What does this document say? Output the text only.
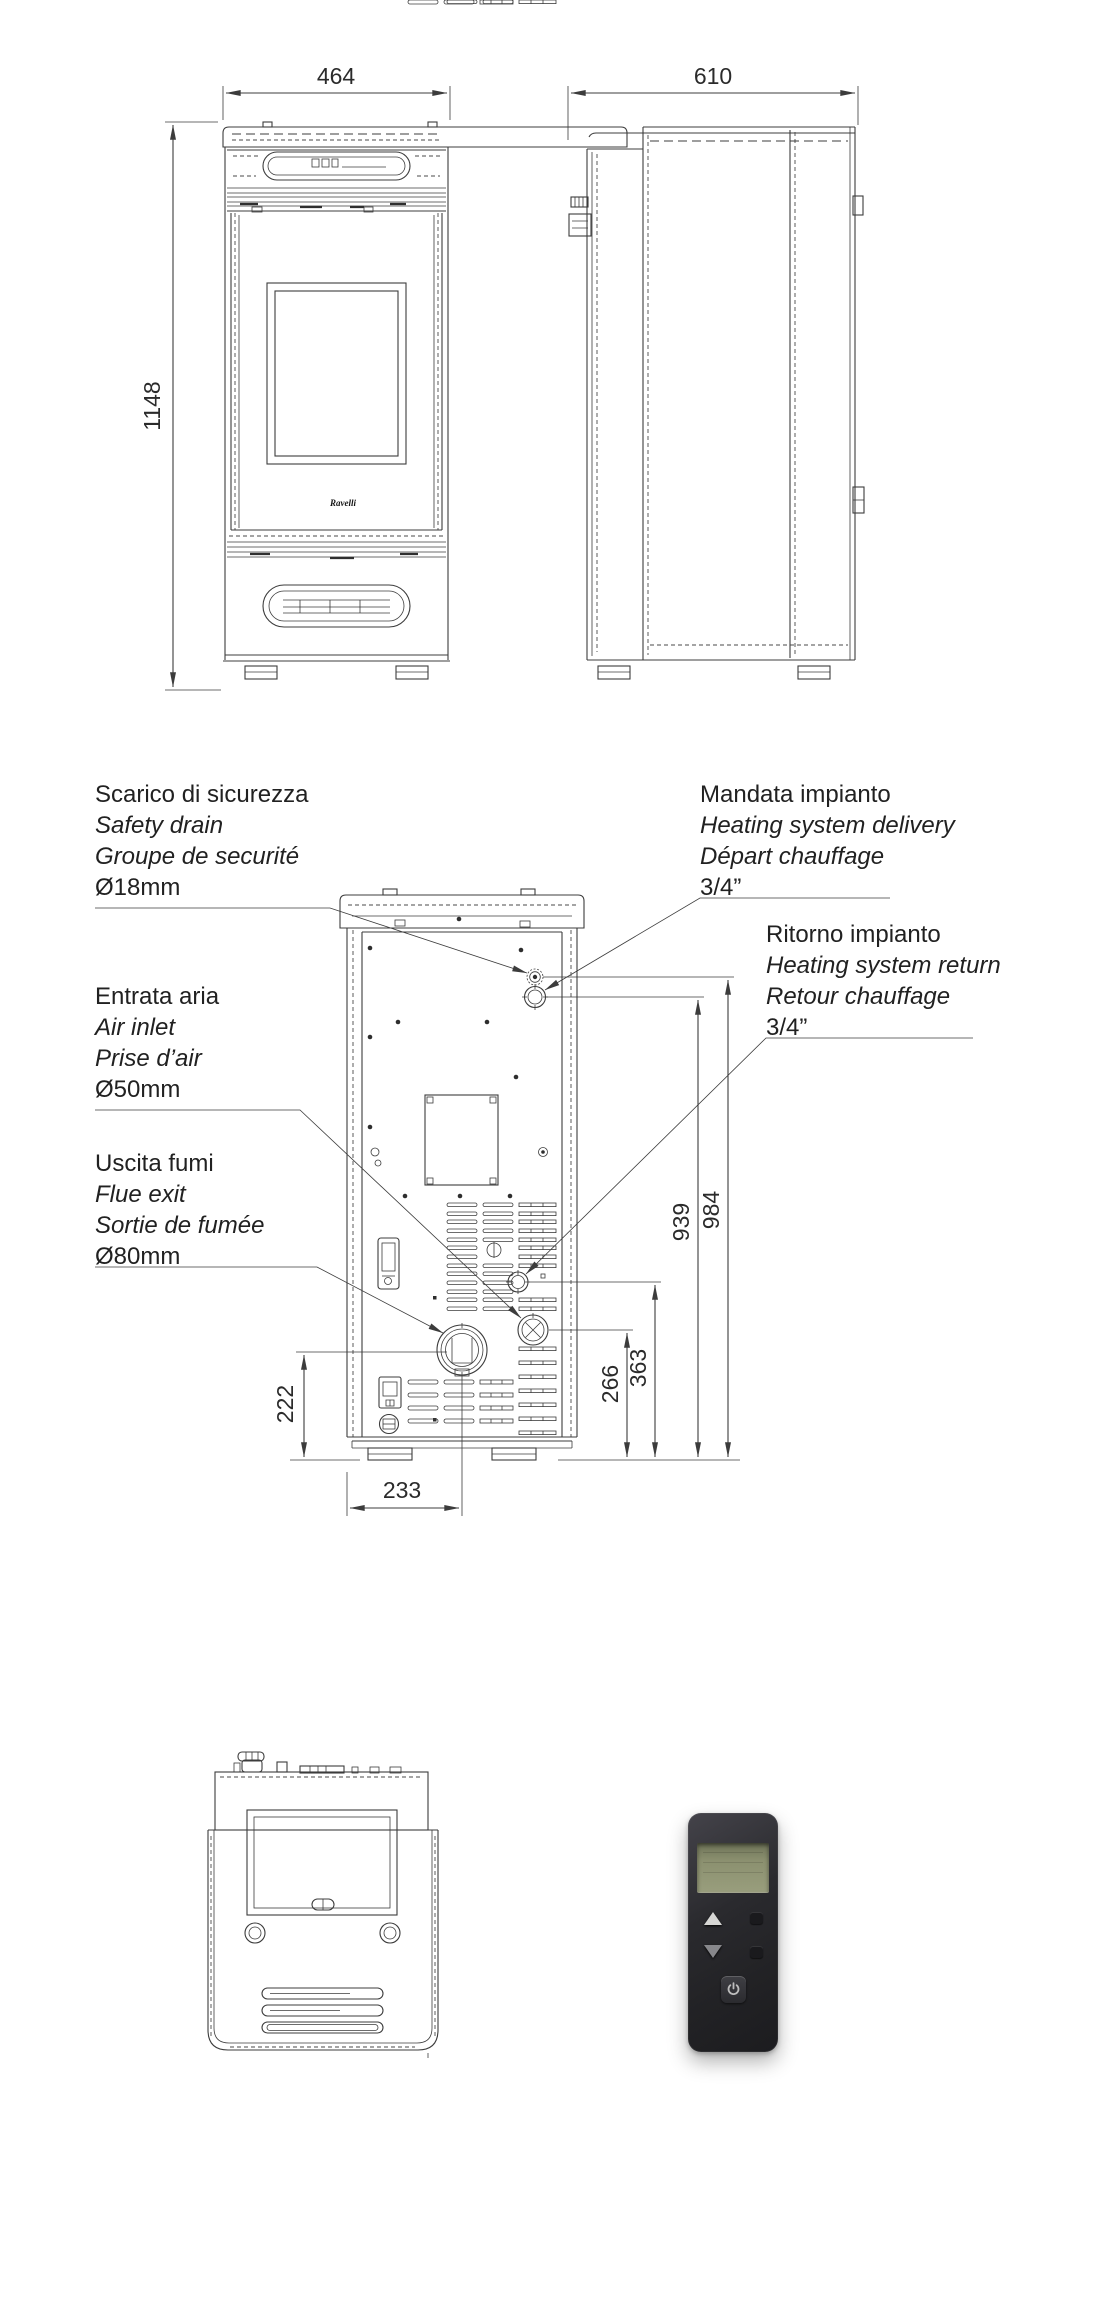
464
1148
Ravelli
610
984
939
363
266
222
233
Scarico di sicurezza
Safety drain
Groupe de securité
Ø18mm
Mandata impianto
Heating system delivery
Départ chauffage
3/4”
Ritorno impianto
Heating system return
Retour chauffage
3/4”
Entrata aria
Air inlet
Prise d’air
Ø50mm
Uscita fumi
Flue exit
Sortie de fumée
Ø80mm
